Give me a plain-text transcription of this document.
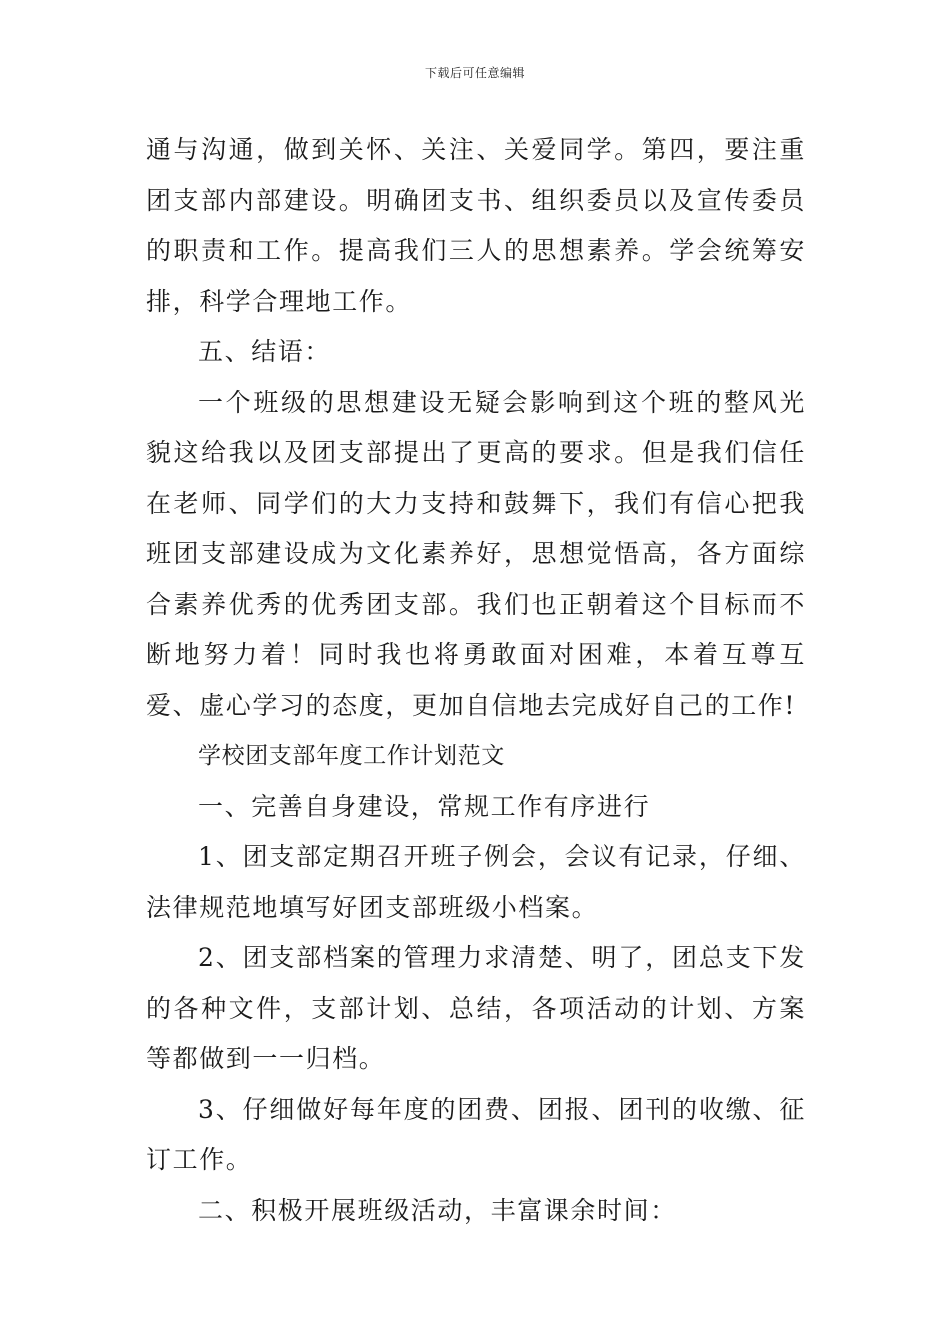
下载后可任意编辑

通与沟通，做到关怀、关注、关爱同学。第四，要注重团支部内部建设。明确团支书、组织委员以及宣传委员的职责和工作。提高我们三人的思想素养。学会统筹安排，科学合理地工作。

五、结语：

一个班级的思想建设无疑会影响到这个班的整风光貌这给我以及团支部提出了更高的要求。但是我们信任在老师、同学们的大力支持和鼓舞下，我们有信心把我班团支部建设成为文化素养好，思想觉悟高，各方面综合素养优秀的优秀团支部。我们也正朝着这个目标而不断地努力着！同时我也将勇敢面对困难，本着互尊互爱、虚心学习的态度，更加自信地去完成好自己的工作!

学校团支部年度工作计划范文

一、完善自身建设，常规工作有序进行

1、团支部定期召开班子例会，会议有记录，仔细、法律规范地填写好团支部班级小档案。

2、团支部档案的管理力求清楚、明了，团总支下发的各种文件，支部计划、总结，各项活动的计划、方案等都做到一一归档。

3、仔细做好每年度的团费、团报、团刊的收缴、征订工作。

二、积极开展班级活动，丰富课余时间：
